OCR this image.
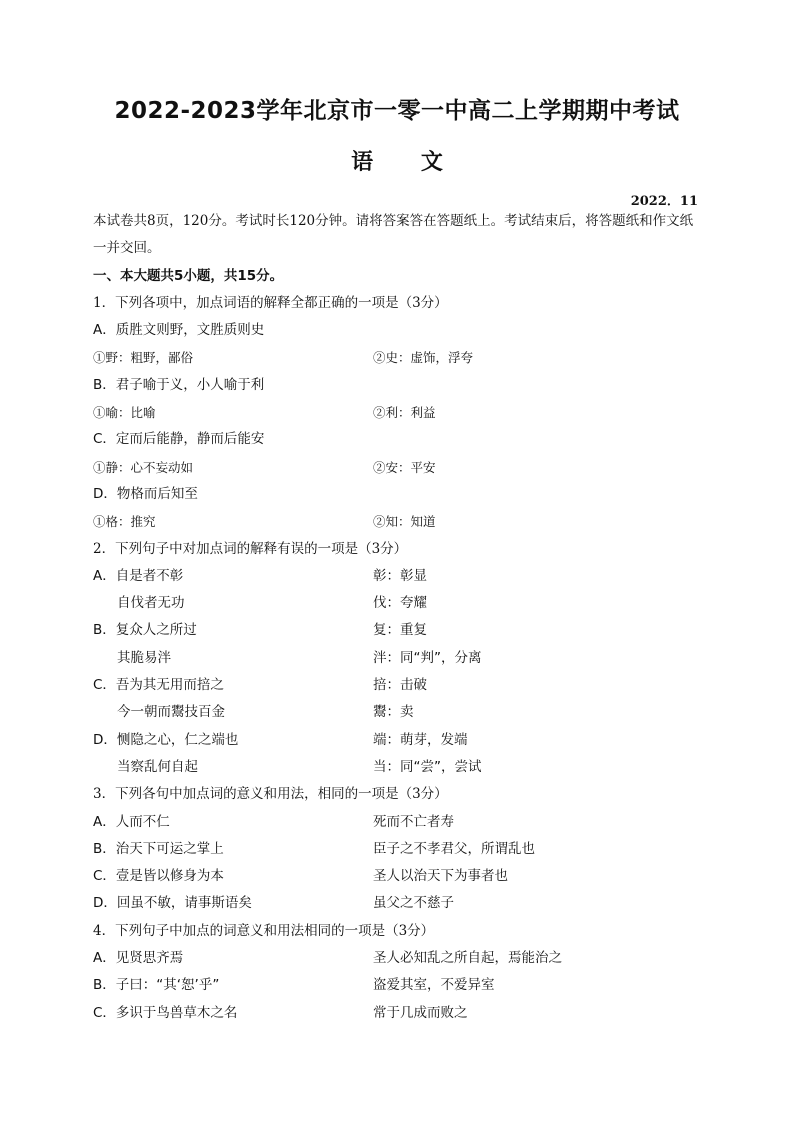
2022-2023学年北京市一零一中高二上学期期中考试
语 文
2022．11
本试卷共8页，120分。考试时长120分钟。请将答案答在答题纸上。考试结束后，将答题纸和作文纸一并交回。
一、本大题共5小题，共15分。
1．下列各项中，加点词语的解释全都正确的一项是（3分）
A．质胜文则野，文胜质则史
①野：粗野，鄙俗	②史：虚饰，浮夸
B．君子喻于义，小人喻于利
①喻：比喻	②利：利益
C．定而后能静，静而后能安
①静：心不妄动如	②安：平安
D．物格而后知至
①格：推究	②知：知道
2．下列句子中对加点词的解释有误的一项是（3分）
A．自是者不彰	彰：彰显
自伐者无功	伐：夸耀
B．复众人之所过	复：重复
其脆易泮	泮：同“判”，分离
C．吾为其无用而掊之	掊：击破
今一朝而鬻技百金	鬻：卖
D．恻隐之心，仁之端也	端：萌芽，发端
当察乱何自起	当：同“尝”，尝试
3．下列各句中加点词的意义和用法，相同的一项是（3分）
A．人而不仁	死而不亡者寿
B．治天下可运之掌上	臣子之不孝君父，所谓乱也
C．壹是皆以修身为本	圣人以治天下为事者也
D．回虽不敏，请事斯语矣	虽父之不慈子
4．下列句子中加点的词意义和用法相同的一项是（3分）
A．见贤思齐焉	圣人必知乱之所自起，焉能治之
B．子曰：“其‘恕’乎”	盗爱其室，不爱异室
C．多识于鸟兽草木之名	常于几成而败之
